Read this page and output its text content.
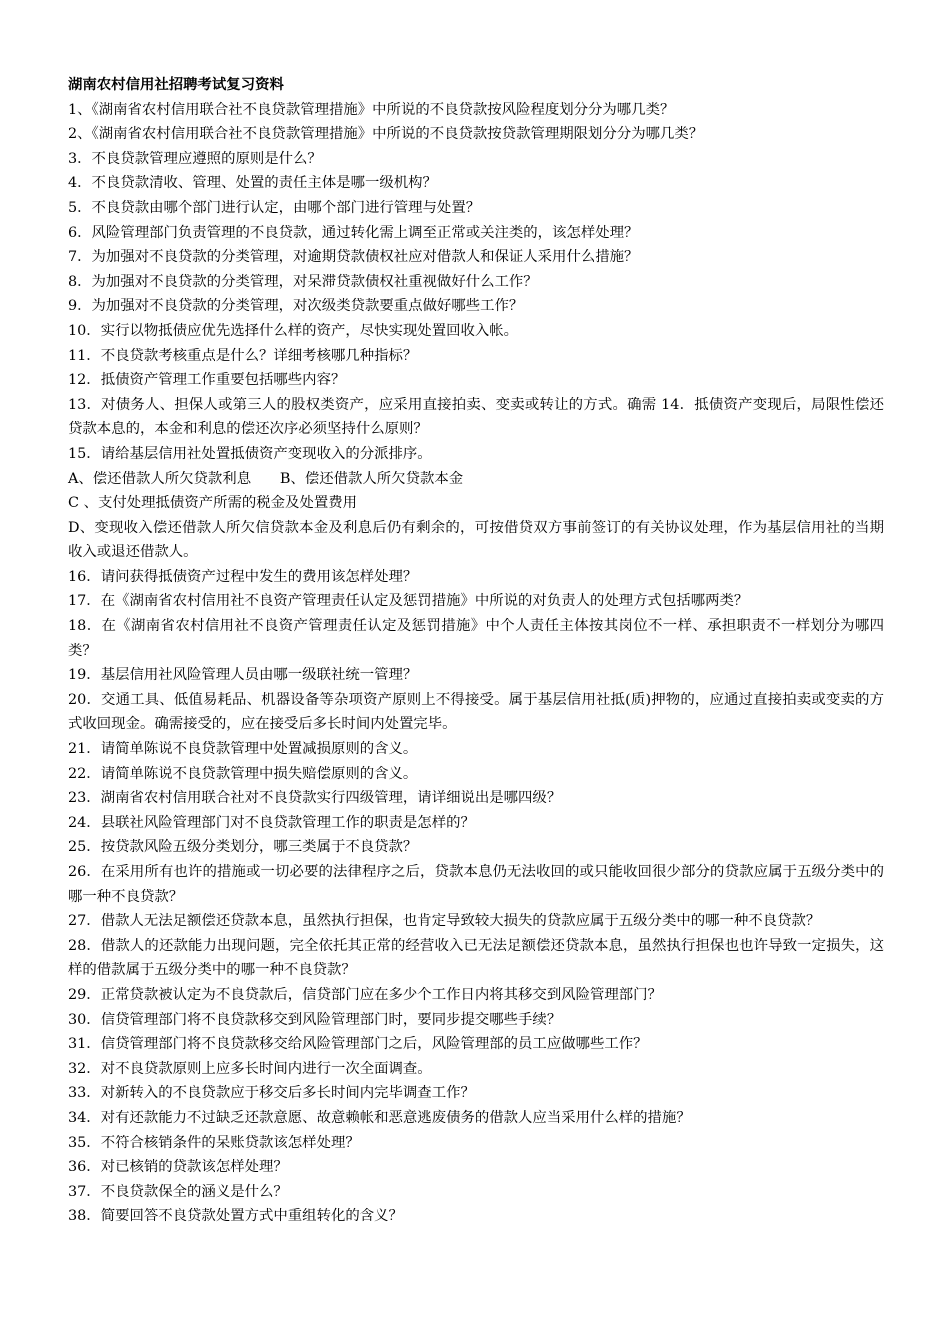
湖南农村信用社招聘考试复习资料
1、《湖南省农村信用联合社不良贷款管理措施》中所说的不良贷款按风险程度划分分为哪几类？
2、《湖南省农村信用联合社不良贷款管理措施》中所说的不良贷款按贷款管理期限划分分为哪几类？
3．不良贷款管理应遵照的原则是什么？
4．不良贷款清收、管理、处置的责任主体是哪一级机构？
5．不良贷款由哪个部门进行认定，由哪个部门进行管理与处置？
6．风险管理部门负责管理的不良贷款，通过转化需上调至正常或关注类的，该怎样处理？
7．为加强对不良贷款的分类管理，对逾期贷款债权社应对借款人和保证人采用什么措施？
8．为加强对不良贷款的分类管理，对呆滞贷款债权社重视做好什么工作？
9．为加强对不良贷款的分类管理，对次级类贷款要重点做好哪些工作？
10．实行以物抵债应优先选择什么样的资产，尽快实现处置回收入帐。
11．不良贷款考核重点是什么？详细考核哪几种指标？
12．抵债资产管理工作重要包括哪些内容？
13．对债务人、担保人或第三人的股权类资产，应采用直接拍卖、变卖或转让的方式。确需 14．抵债资产变现后，局限性偿还贷款本息的，本金和利息的偿还次序必须坚持什么原则？
15．请给基层信用社处置抵债资产变现收入的分派排序。
A、偿还借款人所欠贷款利息　　B、偿还借款人所欠贷款本金
C 、支付处理抵债资产所需的税金及处置费用
D、变现收入偿还借款人所欠信贷款本金及利息后仍有剩余的，可按借贷双方事前签订的有关协议处理，作为基层信用社的当期收入或退还借款人。
16．请问获得抵债资产过程中发生的费用该怎样处理？
17．在《湖南省农村信用社不良资产管理责任认定及惩罚措施》中所说的对负责人的处理方式包括哪两类？
18．在《湖南省农村信用社不良资产管理责任认定及惩罚措施》中个人责任主体按其岗位不一样、承担职责不一样划分为哪四类？
19．基层信用社风险管理人员由哪一级联社统一管理？
20．交通工具、低值易耗品、机器设备等杂项资产原则上不得接受。属于基层信用社抵(质)押物的，应通过直接拍卖或变卖的方式收回现金。确需接受的，应在接受后多长时间内处置完毕。
21．请简单陈说不良贷款管理中处置减损原则的含义。
22．请简单陈说不良贷款管理中损失赔偿原则的含义。
23．湖南省农村信用联合社对不良贷款实行四级管理，请详细说出是哪四级？
24．县联社风险管理部门对不良贷款管理工作的职责是怎样的？
25．按贷款风险五级分类划分，哪三类属于不良贷款？
26．在采用所有也许的措施或一切必要的法律程序之后，贷款本息仍无法收回的或只能收回很少部分的贷款应属于五级分类中的哪一种不良贷款？
27．借款人无法足额偿还贷款本息，虽然执行担保，也肯定导致较大损失的贷款应属于五级分类中的哪一种不良贷款？
28．借款人的还款能力出现问题，完全依托其正常的经营收入已无法足额偿还贷款本息，虽然执行担保也也许导致一定损失，这样的借款属于五级分类中的哪一种不良贷款？
29．正常贷款被认定为不良贷款后，信贷部门应在多少个工作日内将其移交到风险管理部门？
30．信贷管理部门将不良贷款移交到风险管理部门时，要同步提交哪些手续？
31．信贷管理部门将不良贷款移交给风险管理部门之后，风险管理部的员工应做哪些工作？
32．对不良贷款原则上应多长时间内进行一次全面调查。
33．对新转入的不良贷款应于移交后多长时间内完毕调查工作？
34．对有还款能力不过缺乏还款意愿、故意赖帐和恶意逃废债务的借款人应当采用什么样的措施？
35．不符合核销条件的呆账贷款该怎样处理？
36．对已核销的贷款该怎样处理？
37．不良贷款保全的涵义是什么？
38．简要回答不良贷款处置方式中重组转化的含义？
